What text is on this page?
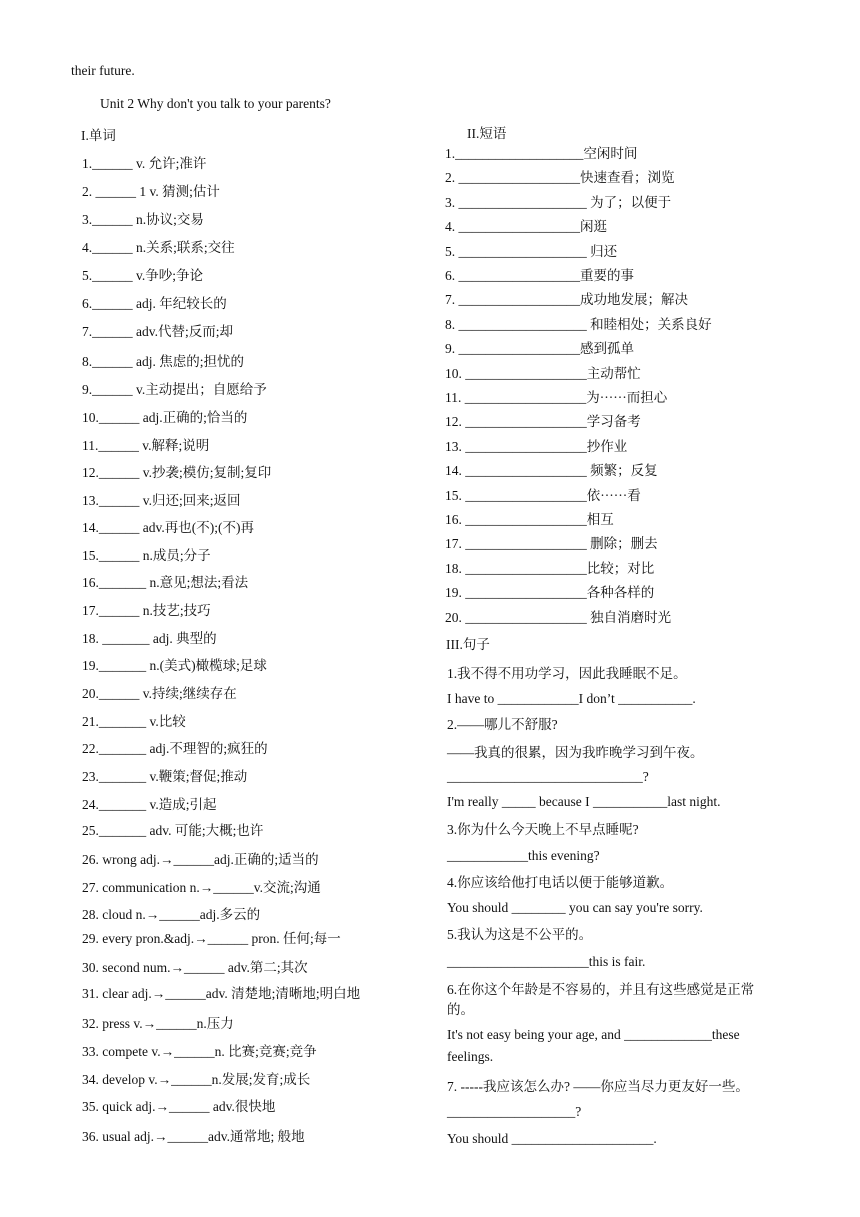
their future.
Unit 2 Why don't you talk to your parents?
I.单词
1.______ v. 允许;准许
2. ______ 1 v. 猜测;估计
3.______ n.协议;交易
4.______ n.关系;联系;交往
5.______ v.争吵;争论
6.______ adj. 年纪较长的
7.______ adv.代替;反而;却
8.______ adj. 焦虑的;担忧的
9.______ v.主动提出；自愿给予
10.______ adj.正确的;恰当的
11.______ v.解释;说明
12.______ v.抄袭;模仿;复制;复印
13.______ v.归还;回来;返回
14.______ adv.再也(不);(不)再
15.______ n.成员;分子
16._______ n.意见;想法;看法
17.______ n.技艺;技巧
18. _______ adj. 典型的
19._______ n.(美式)橄榄球;足球
20.______ v.持续;继续存在
21._______ v.比较
22._______ adj.不理智的;疯狂的
23._______ v.鞭策;督促;推动
24._______ v.造成;引起
25._______ adv. 可能;大概;也许
26. wrong adj.→______adj.正确的;适当的
27. communication n.→______v.交流;沟通
28. cloud n.→______adj.多云的
29. every pron.&adj.→______ pron. 任何;每一
30. second num.→______ adv.第二;其次
31. clear adj.→______adv. 清楚地;清晰地;明白地
32. press v.→______n.压力
33. compete v.→______n. 比赛;竞赛;竞争
34. develop v.→______n.发展;发育;成长
35. quick adj.→______ adv.很快地
36. usual adj.→______adv.通常地; 般地
II.短语
1.___________________空闲时间
2. __________________快速查看；浏览
3. ___________________ 为了；以便于
4. __________________闲逛
5. ___________________ 归还
6. __________________重要的事
7. __________________成功地发展；解决
8. ___________________ 和睦相处；关系良好
9. __________________感到孤单
10. __________________主动帮忙
11. __________________为······而担心
12. __________________学习备考
13. __________________抄作业
14. __________________ 频繁；反复
15. __________________依······看
16. __________________相互
17. __________________ 删除；删去
18. __________________比较；对比
19. __________________各种各样的
20. __________________ 独自消磨时光
III.句子
1.我不得不用功学习，因此我睡眠不足。
I have to ____________I don’t ___________.
2.——哪儿不舒服?
——我真的很累，因为我昨晚学习到午夜。
_____________________________?
I'm really _____ because I ___________last night.
3.你为什么今天晚上不早点睡呢?
____________this evening?
4.你应该给他打电话以便于能够道歉。
You should ________ you can say you're sorry.
5.我认为这是不公平的。
_____________________this is fair.
6.在你这个年龄是不容易的，并且有这些感觉是正常
的。
It's not easy being your age, and _____________these
feelings.
7. -----我应该怎么办? ——你应当尽力更友好一些。
___________________?
You should _____________________.
